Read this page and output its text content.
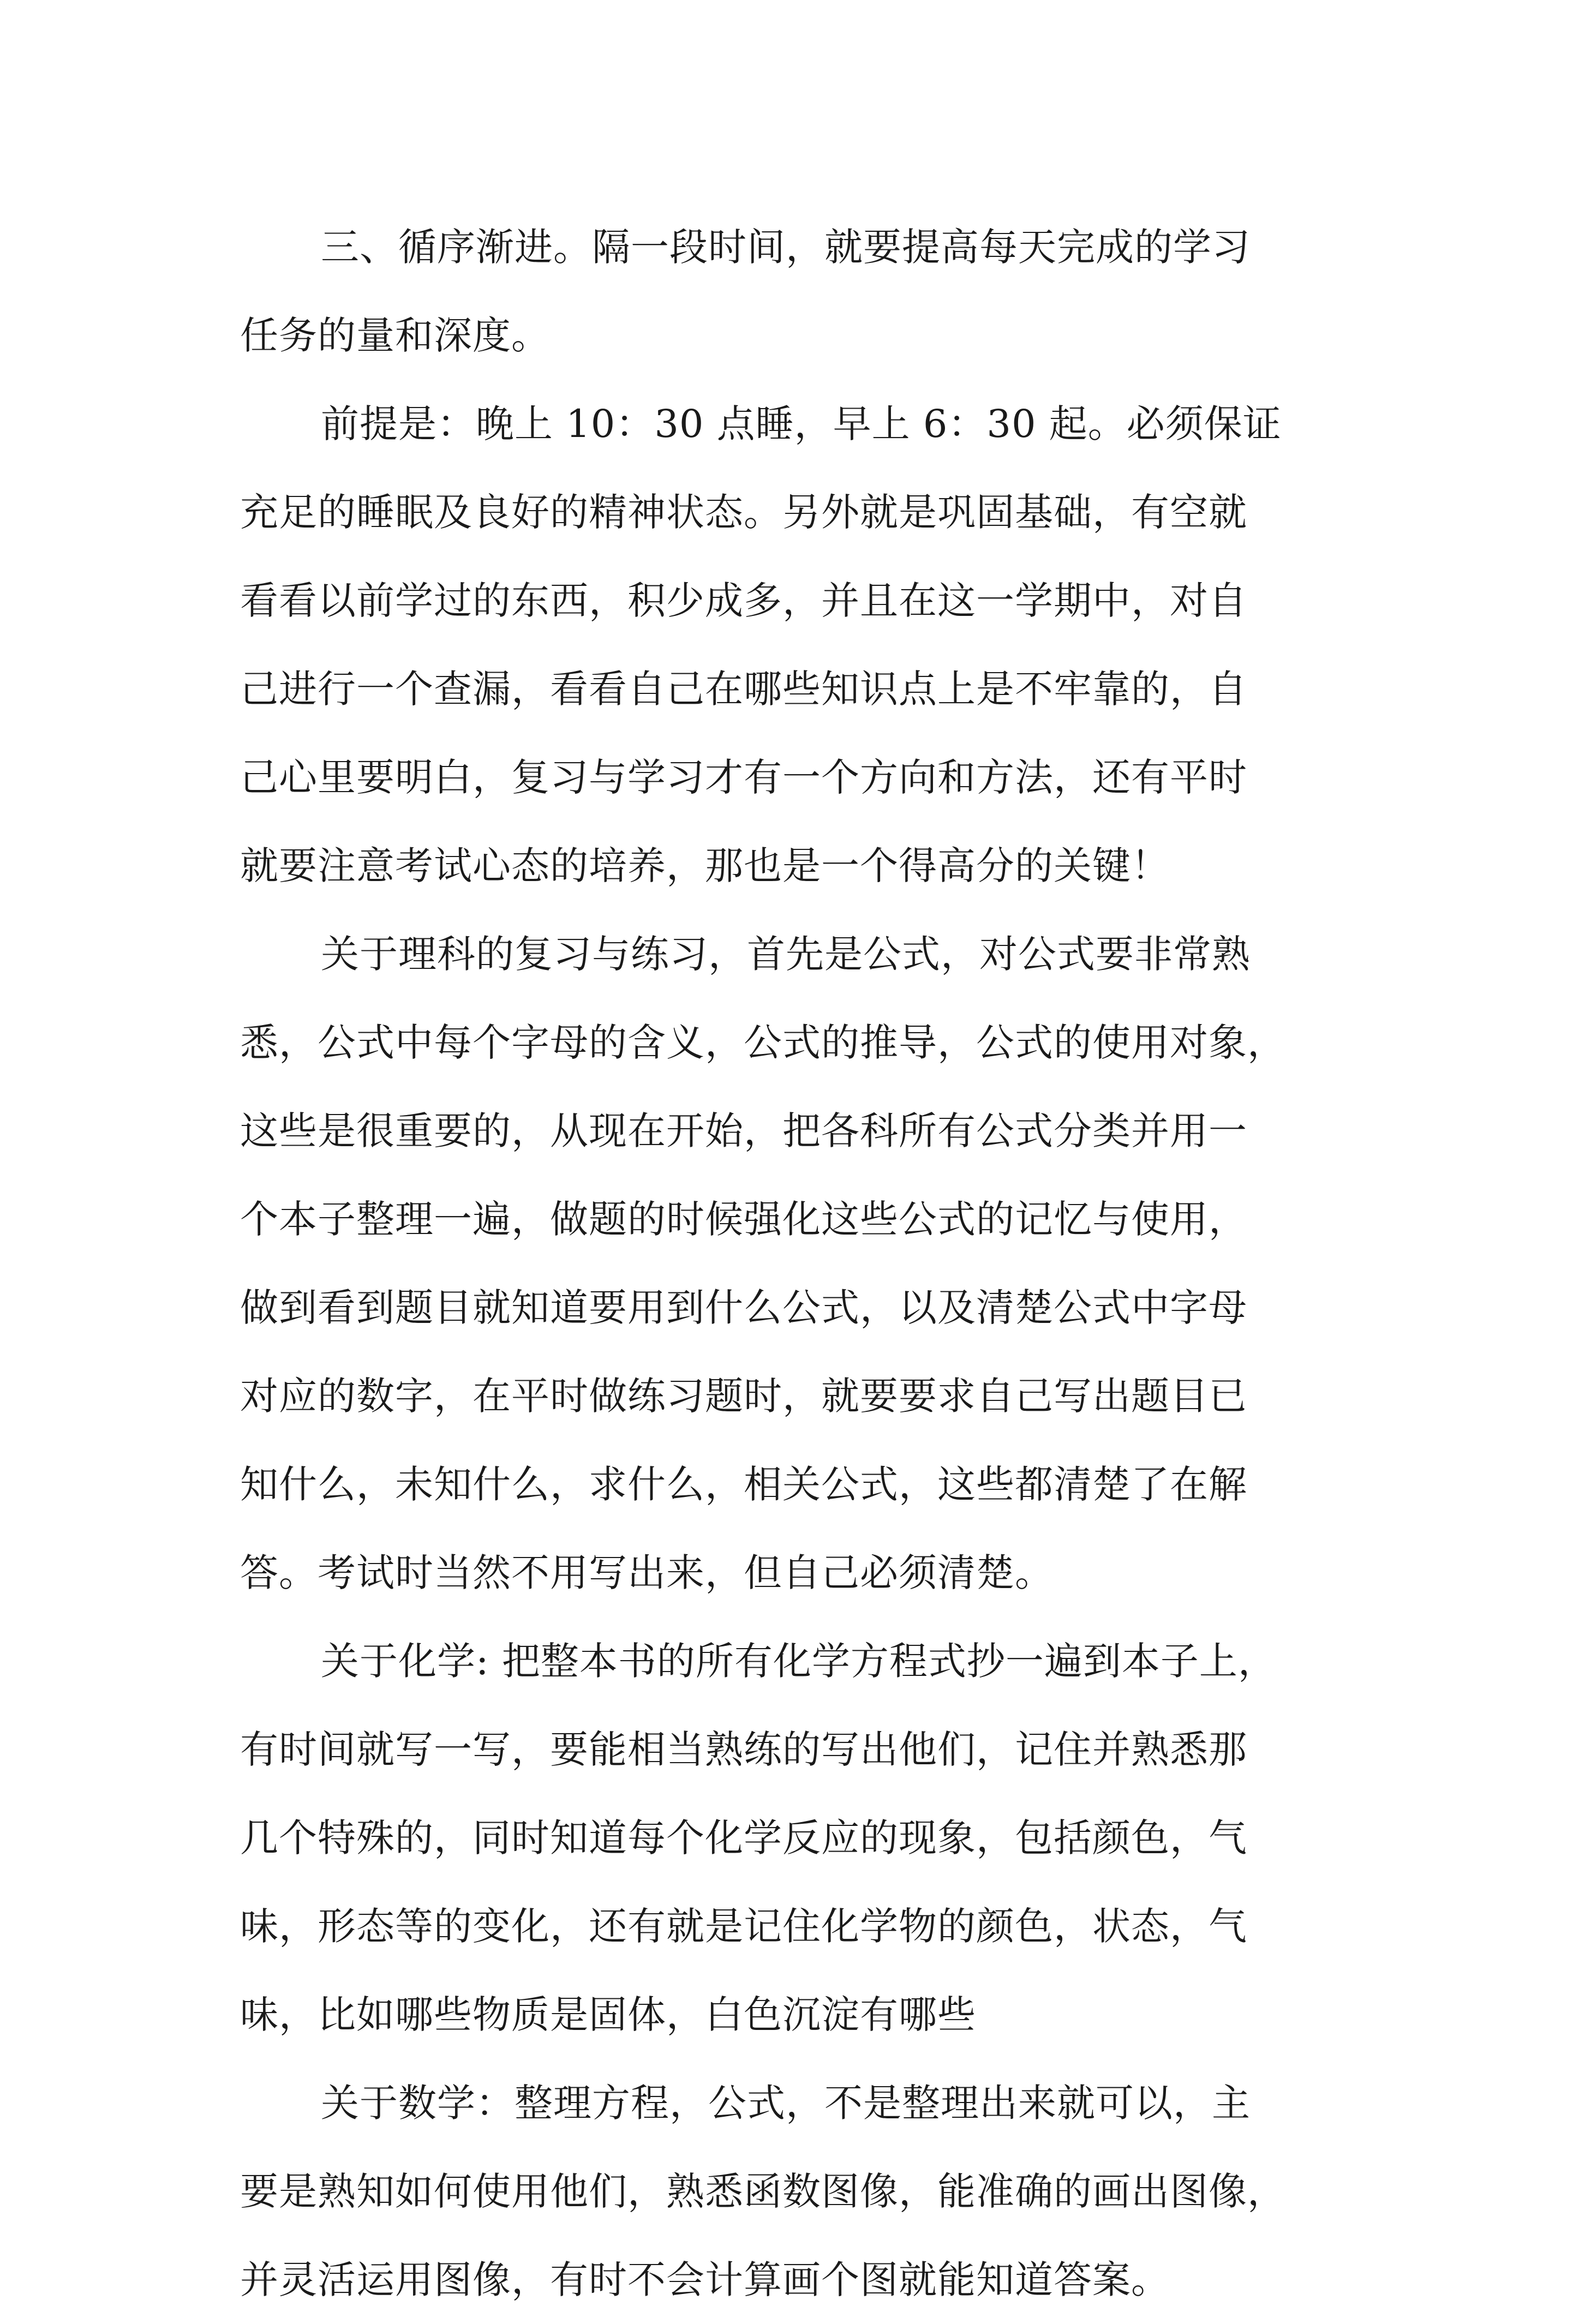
三、循序渐进。隔一段时间，就要提高每天完成的学习
任务的量和深度。
前提是：晚上 10：30 点睡，早上 6：30 起。必须保证
充足的睡眠及良好的精神状态。另外就是巩固基础，有空就
看看以前学过的东西，积少成多，并且在这一学期中，对自
己进行一个查漏，看看自己在哪些知识点上是不牢靠的，自
己心里要明白，复习与学习才有一个方向和方法，还有平时
就要注意考试心态的培养，那也是一个得高分的关键！
关于理科的复习与练习，首先是公式，对公式要非常熟
悉，公式中每个字母的含义，公式的推导，公式的使用对象，
这些是很重要的，从现在开始，把各科所有公式分类并用一
个本子整理一遍，做题的时候强化这些公式的记忆与使用，
做到看到题目就知道要用到什么公式，以及清楚公式中字母
对应的数字，在平时做练习题时，就要要求自己写出题目已
知什么，未知什么，求什么，相关公式，这些都清楚了在解
答。考试时当然不用写出来，但自己必须清楚。
关于化学: 把整本书的所有化学方程式抄一遍到本子上，
有时间就写一写，要能相当熟练的写出他们，记住并熟悉那
几个特殊的，同时知道每个化学反应的现象，包括颜色，气
味，形态等的变化，还有就是记住化学物的颜色，状态，气
味，比如哪些物质是固体，白色沉淀有哪些
关于数学：整理方程，公式，不是整理出来就可以，主
要是熟知如何使用他们，熟悉函数图像，能准确的画出图像，
并灵活运用图像，有时不会计算画个图就能知道答案。
